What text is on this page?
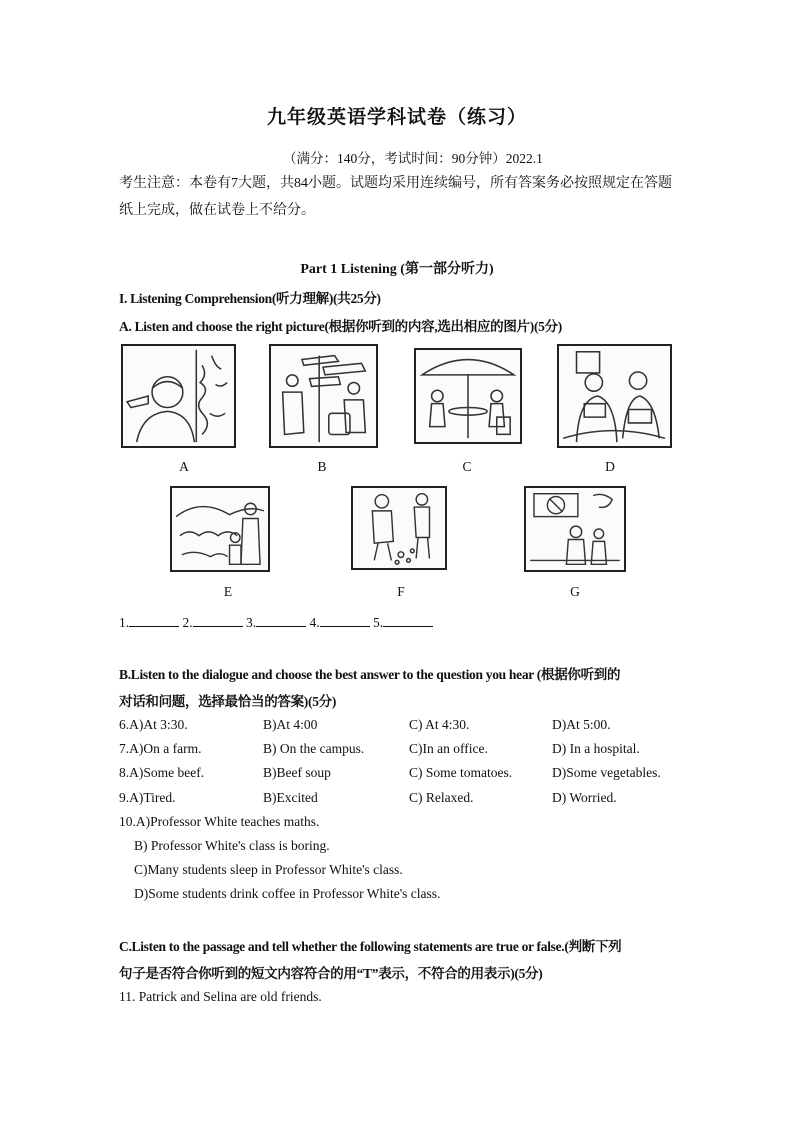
九年级英语学科试卷（练习）
（满分：140分，考试时间：90分钟）2022.1
考生注意：本卷有7大题，共84小题。试题均采用连续编号，所有答案务必按照规定在答题纸上完成，做在试卷上不给分。
Part 1 Listening (第一部分听力)
I. Listening Comprehension(听力理解)(共25分)
A. Listen and choose the right picture(根据你听到的内容,选出相应的图片)(5分)
A	B	C	D
E	F	G
1.	2.	3.	4.	5.
B.Listen to the dialogue and choose the best answer to the question you hear (根据你听到的
对话和问题，选择最恰当的答案)(5分)
6.A)At 3:30.	B)At 4:00	C) At 4:30.	D)At 5:00.
7.A)On a farm.	B) On the campus.	C)In an office.	D) In a hospital.
8.A)Some beef.	B)Beef soup	C) Some tomatoes.	D)Some vegetables.
9.A)Tired.	B)Excited	C) Relaxed.	D) Worried.
10.A)Professor White teaches maths.
B) Professor White's class is boring.
C)Many students sleep in Professor White's class.
D)Some students drink coffee in Professor White's class.
C.Listen to the passage and tell whether the following statements are true or false.(判断下列
句子是否符合你听到的短文内容符合的用“T”表示，不符合的用表示)(5分)
11. Patrick and Selina are old friends.
